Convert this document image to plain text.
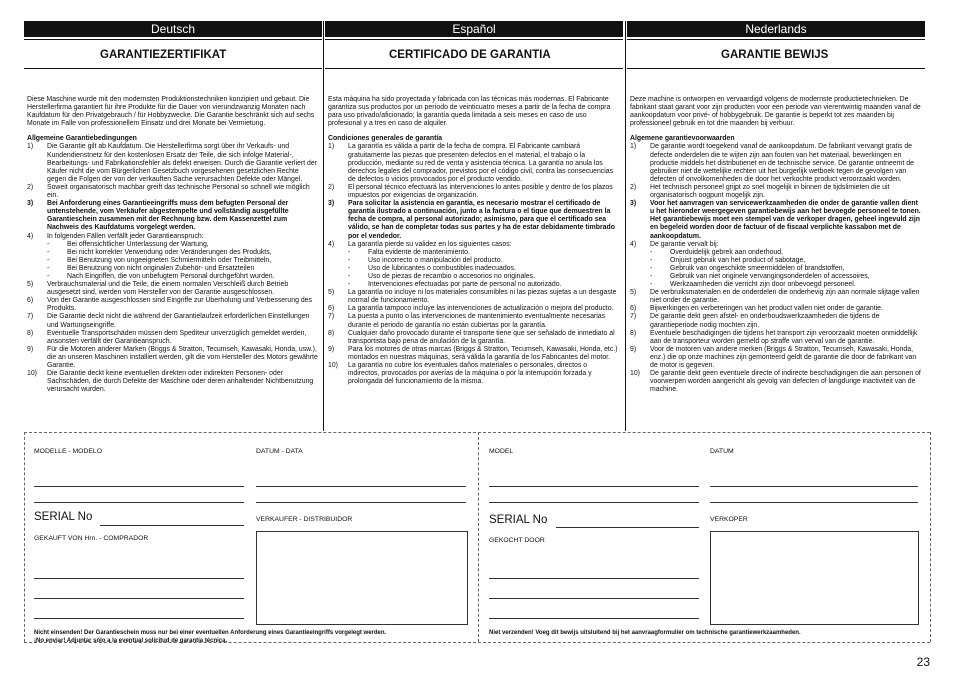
Deutsch
GARANTIEZERTIFIKAT

Diese Maschine wurde mit den modernsten Produktionstechniken konzipiert und gebaut. Die Herstellerfirma garantiert für ihre Produkte für die Dauer von vierundzwanzig Monaten nach Kaufdatum für den Privatgebrauch / für Hobbyzwecke. Die Garantie beschränkt sich auf sechs Monate im Falle von professionellem Einsatz und drei Monate bei Vermietung.

Allgemeine Garantiebedingungen

1)	Die Garantie gilt ab Kaufdatum. Die Herstellerfirma sorgt über ihr Verkaufs- und Kundendienstnetz für den kostenlosen Ersatz der Teile, die sich infolge Material-, Bearbeitungs- und Fabrikationsfehler als defekt erweisen. Durch die Garantie verliert der Käufer nicht die vom Bürgerlichen Gesetzbuch vorgesehenen gesetzlichen Rechte gegen die Folgen der von der verkauften Sache verursachten Defekte oder Mängel.
2)	Soweit organisatorisch machbar greift das technische Personal so schnell wie möglich ein.
3)	Bei Anforderung eines Garantieeingriffs muss dem befugten Personal der untenstehende, vom Verkäufer abgestempelte und vollständig ausgefüllte Garantieschein zusammen mit der Rechnung bzw. dem Kassenzettel zum Nachweis des Kaufdatums vorgelegt werden.
4)	In folgenden Fällen verfällt jeder Garantieanspruch:
-	Bei offensichtlicher Unterlassung der Wartung,
-	Bei nicht korrekter Verwendung oder Veränderungen des Produkts,
-	Bei Benutzung von ungeeigneten Schmiermitteln oder Treibmitteln,
-	Bei Benutzung von nicht originalen Zubehör- und Ersatzteilen
-	Nach Eingriffen, die von unbefugtem Personal durchgeführt wurden.
5)	Verbrauchsmaterial und die Teile, die einem normalen Verschleiß durch Betrieb ausgesetzt sind, werden vom Hersteller von der Garantie ausgeschlossen.
6)	Von der Garantie ausgeschlossen sind Eingriffe zur Überholung und Verbesserung des Produkts.
7)	Die Garantie deckt nicht die während der Garantielaufzeit erforderlichen Einstellungen und Wartungseingriffe.
8)	Eventuelle Transportschäden müssen dem Spediteur unverzüglich gemeldet werden, ansonsten verfällt der Garantieanspruch.
9)	Für die Motoren anderer Marken (Briggs & Stratton, Tecumseh, Kawasaki, Honda, usw.), die an unseren Maschinen installiert werden, gilt die vom Hersteller des Motors gewährte Garantie.
10)	Die Garantie deckt keine eventuellen direkten oder indirekten Personen- oder Sachschäden, die durch Defekte der Maschine oder deren anhaltender Nichtbenutzung verursacht wurden.
Español
CERTIFICADO DE GARANTIA

Esta máquina ha sido proyectada y fabricada con las técnicas más modernas. El Fabricante garantiza sus productos por un período de veinticuatro meses a partir de la fecha de compra para uso privado/aficionado; la garantía queda limitada a seis meses en caso de uso profesional y a tres en caso de alquiler.

Condiciones generales de garantía

1)	La garantía es válida a partir de la fecha de compra. El Fabricante cambiará gratuitamente las piezas que presenten defectos en el material, el trabajo o la producción, mediante su red de venta y asistencia técnica. La garantía no anula los derechos legales del comprador, previstos por el código civil, contra las consecuencias de defectos o vicios provocados por el producto vendido.
2)	El personal técnico efectuará las intervenciones lo antes posible y dentro de los plazos impuestos por exigencias de organización.
3)	Para solicitar la asistencia en garantía, es necesario mostrar el certificado de garantía ilustrado a continuación, junto a la factura o el tique que demuestren la fecha de compra, al personal autorizado; asimismo, para que el certificado sea válido, se han de completar todas sus partes y ha de estar debidamente timbrado por el vendedor.
4)	La garantía pierde su validez en los siguientes casos:
-	Falta evidente de mantenimiento.
-	Uso incorrecto o manipulación del producto.
-	Uso de lubricantes o combustibles inadecuados.
-	Uso de piezas de recambio o accesorios no originales.
-	Intervenciones efectuadas por parte de personal no autorizado.
5)	La garantía no incluye ni los materiales consumibles ni las piezas sujetas a un desgaste normal de funcionamiento.
6)	La garantía tampoco incluye las intervenciones de actualización o mejora del producto.
7)	La puesta a punto o las intervenciones de mantenimiento eventualmente necesarias durante el periodo de garantía no están cubiertas por la garantía.
8)	Cualquier daño provocado durante el transporte tiene que ser señalado de inmediato al transportista bajo pena de anulación de la garantía.
9)	Para los motores de otras marcas (Briggs & Stratton, Tecumseh, Kawasaki, Honda, etc.) montados en nuestras máquinas, será válida la garantía de los Fabricantes del motor.
10)	La garantía no cubre los eventuales daños materiales o personales, directos o indirectos, provocados por averías de la máquina o por la interrupción forzada y prolongada del funcionamiento de la misma.
Nederlands
GARANTIE BEWIJS

Deze machine is ontworpen en vervaardigd volgens de modernste productietechnieken. De fabrikant staat garant voor zijn producten voor een periode van vierentwintig maanden vanaf de aankoopdatum voor privé- of hobbygebruik. De garantie is beperkt tot zes maanden bij professioneel gebruik en tot drie maanden bij verhuur.

Algemene garantievoorwaarden

1)	De garantie wordt toegekend vanaf de aankoopdatum. De fabrikant vervangt gratis de defecte onderdelen die te wijten zijn aan fouten van het materiaal, bewerkingen en productie middels het distributienet en de technische service. De garantie ontneemt de gebruiker niet de wettelijke rechten uit het burgerlijk wetboek tegen de gevolgen van defecten of onvolkomenheden die door het verkochte product veroorzaakt worden.
2)	Het technisch personeel grijpt zo snel mogelijk in binnen de tijdslimieten die uit organisatorisch oogpunt mogelijk zijn.
3)	Voor het aanvragen van servicewerkzaamheden die onder de garantie vallen dient u het hieronder weergegeven garantiebewijs aan het bevoegde personeel te tonen. Het garantiebewijs moet een stempel van de verkoper dragen, geheel ingevuld zijn en begeleid worden door de factuur of de fiscaal verplichte kassabon met de aankoopdatum.
4)	De garantie vervalt bij:
-	Overduidelijk gebrek aan onderhoud,
-	Onjuist gebruik van het product of sabotage,
-	Gebruik van ongeschikte smeermiddelen of brandstoffen,
-	Gebruik van niet originele vervangingsonderdelen of accessoires,
-	Werkzaamheden die verricht zijn door onbevoegd personeel.
5)	De verbruiksmaterialen en de onderdelen die onderhevig zijn aan normale slijtage vallen niet onder de garantie.
6)	Bijwerkingen en verbeteringen van het product vallen niet onder de garantie.
7)	De garantie dekt geen afstel- en onderhoudswerkzaamheden die tijdens de garantieperiode nodig mochten zijn.
8)	Eventuele beschadigingen die tijdens het transport zijn veroorzaakt moeten onmiddellijk aan de transporteur worden gemeld op straffe van verval van de garantie.
9)	Voor de motoren van andere merken (Briggs & Stratton, Tecumseh, Kawasaki, Honda, enz.) die op onze machines zijn gemonteerd geldt de garantie die door de fabrikant van de motor is gegeven.
10)	De garantie dekt geen eventuele directe of indirecte beschadigingen die aan personen of voorwerpen worden aangericht als gevolg van defecten of langdurige inactiviteit van de machine.
MODELLE - MODELO	DATUM - DATA
SERIAL No	VERKAUFER - DISTRIBUIDOR
GEKAUFT VON Hrn. - COMPRADOR
Nicht einsenden! Der Garantieschein muss nur bei einer eventuellen Anforderung eines Garantieeingriffs vorgelegt werden.
¡No enviar! Adjuntar sólo a la eventual solicitud de garantía técnica.
MODEL	DATUM
SERIAL No	VERKOPER
GEKOCHT DOOR
Niet verzenden! Voeg dit bewijs uitsluitend bij het aanvraagformulier om technische garantiewerkzaamheden.
23
